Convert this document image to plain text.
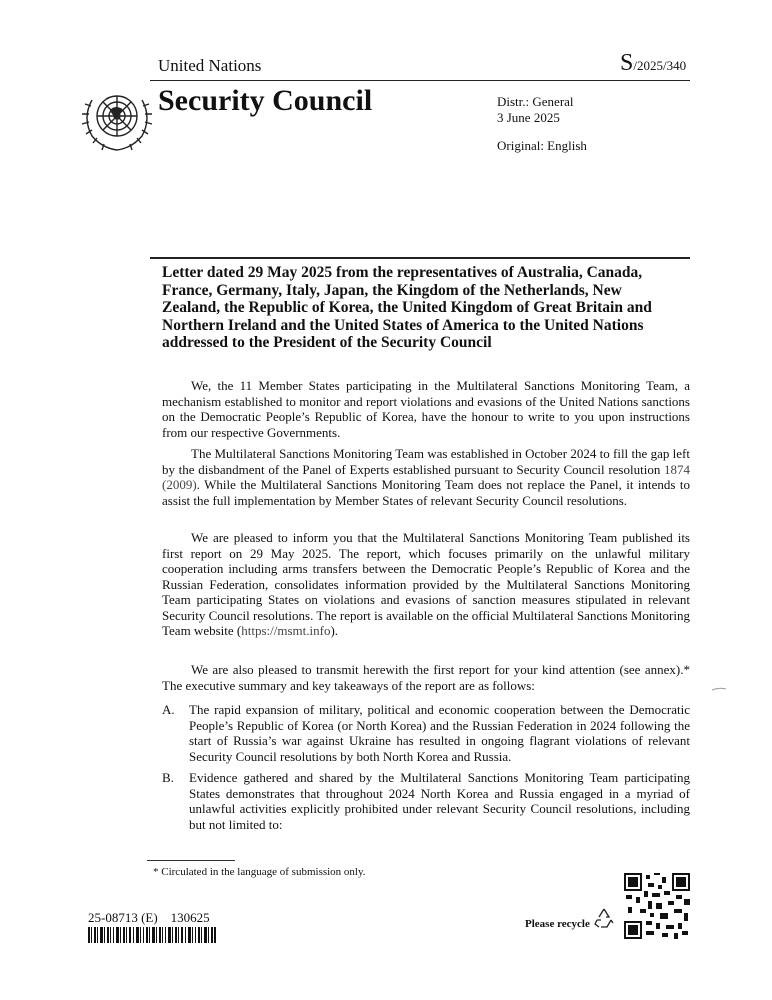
United Nations	S/2025/340
Security Council	Distr.: General
3 June 2025
Original: English
Letter dated 29 May 2025 from the representatives of Australia, Canada, France, Germany, Italy, Japan, the Kingdom of the Netherlands, New Zealand, the Republic of Korea, the United Kingdom of Great Britain and Northern Ireland and the United States of America to the United Nations addressed to the President of the Security Council
We, the 11 Member States participating in the Multilateral Sanctions Monitoring Team, a mechanism established to monitor and report violations and evasions of the United Nations sanctions on the Democratic People’s Republic of Korea, have the honour to write to you upon instructions from our respective Governments.
The Multilateral Sanctions Monitoring Team was established in October 2024 to fill the gap left by the disbandment of the Panel of Experts established pursuant to Security Council resolution 1874 (2009). While the Multilateral Sanctions Monitoring Team does not replace the Panel, it intends to assist the full implementation by Member States of relevant Security Council resolutions.
We are pleased to inform you that the Multilateral Sanctions Monitoring Team published its first report on 29 May 2025. The report, which focuses primarily on the unlawful military cooperation including arms transfers between the Democratic People’s Republic of Korea and the Russian Federation, consolidates information provided by the Multilateral Sanctions Monitoring Team participating States on violations and evasions of sanction measures stipulated in relevant Security Council resolutions. The report is available on the official Multilateral Sanctions Monitoring Team website (https://msmt.info).
We are also pleased to transmit herewith the first report for your kind attention (see annex).* The executive summary and key takeaways of the report are as follows:
A. The rapid expansion of military, political and economic cooperation between the Democratic People’s Republic of Korea (or North Korea) and the Russian Federation in 2024 following the start of Russia’s war against Ukraine has resulted in ongoing flagrant violations of relevant Security Council resolutions by both North Korea and Russia.
B. Evidence gathered and shared by the Multilateral Sanctions Monitoring Team participating States demonstrates that throughout 2024 North Korea and Russia engaged in a myriad of unlawful activities explicitly prohibited under relevant Security Council resolutions, including but not limited to:
* Circulated in the language of submission only.
25-08713 (E)    130625	Please recycle
